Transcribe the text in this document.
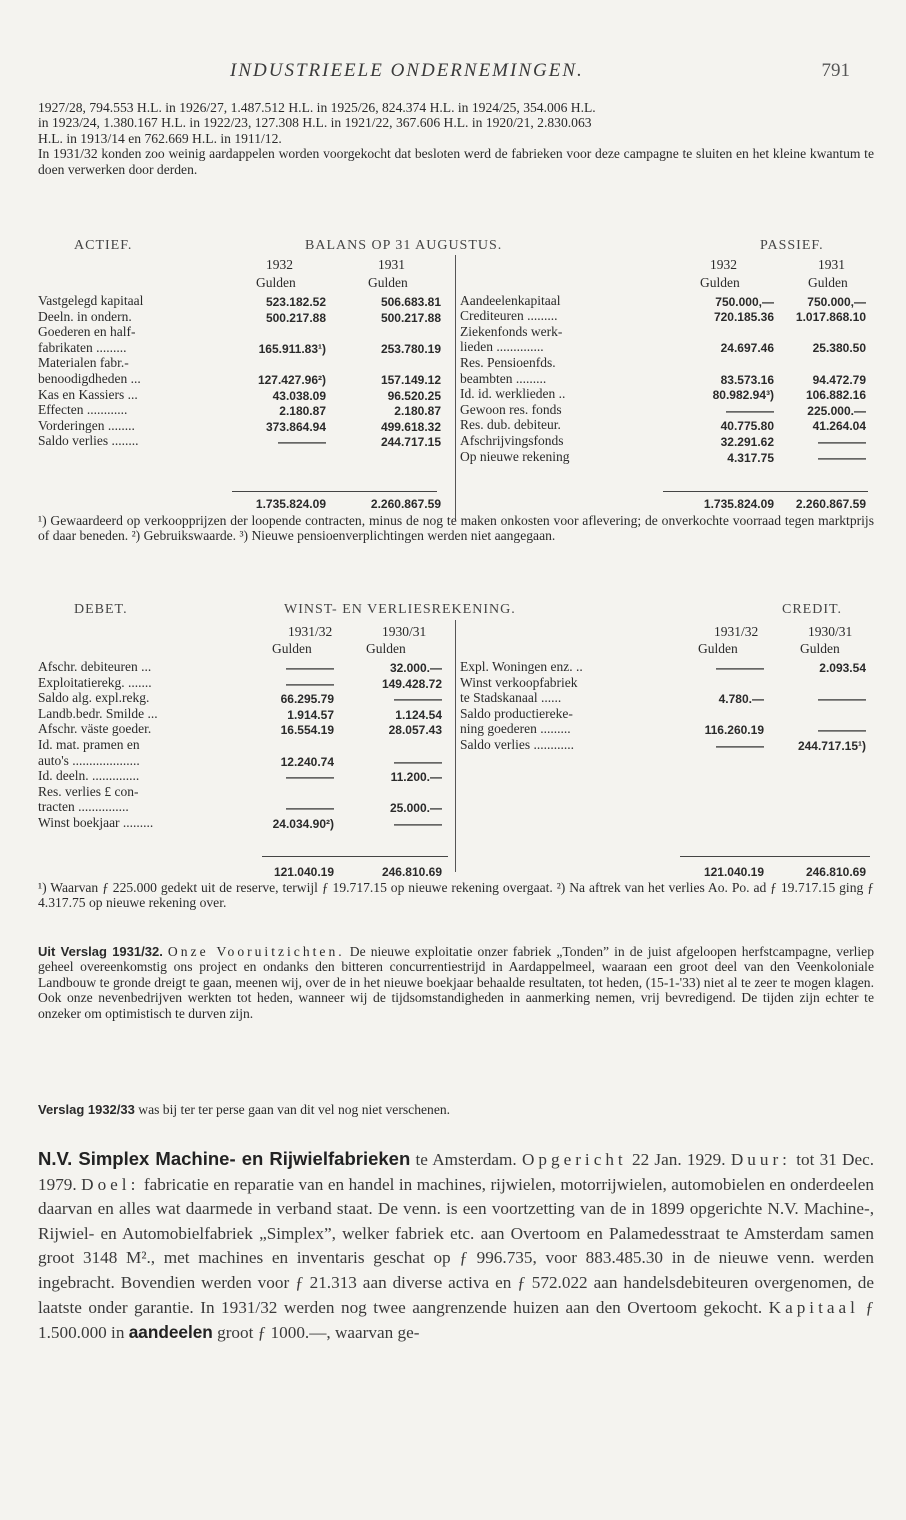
INDUSTRIEELE ONDERNEMINGEN.	791

1927/28, 794.553 H.L. in 1926/27, 1.487.512 H.L. in 1925/26, 824.374 H.L. in 1924/25, 354.006 H.L.

in 1923/24, 1.380.167 H.L. in 1922/23, 127.308 H.L. in 1921/22, 367.606 H.L. in 1920/21, 2.830.063

H.L. in 1913/14 en 762.669 H.L. in 1911/12.

In 1931/32 konden zoo weinig aardappelen worden voorgekocht dat besloten werd de fabrieken voor deze campagne te sluiten en het kleine kwantum te doen verwerken door derden.

ACTIEF.	BALANS OP 31 AUGUSTUS.	PASSIEF.
1932	1931
Gulden	Gulden
1932	1931
Gulden	Gulden
Vastgelegd kapitaal	523.182.52	506.683.81
Deeln. in ondern.	500.217.88	500.217.88
Goederen en half-
fabrikaten .........	165.911.83¹)	253.780.19
Materialen fabr.-
benoodigdheden ...	127.427.96²)	157.149.12
Kas en Kassiers ...	43.038.09	96.520.25
Effecten ............	2.180.87	2.180.87
Vorderingen ........	373.864.94	499.618.32
Saldo verlies ........	————	244.717.15
Aandeelenkapitaal	750.000,—	750.000,—
Crediteuren .........	720.185.36 1.017.868.10
Ziekenfonds werk-
lieden ..............	24.697.46	25.380.50
Res. Pensioenfds.
beambten .........	83.573.16	94.472.79
Id. id. werklieden ..	80.982.94³)	106.882.16
Gewoon res. fonds	————	225.000.—
Res. dub. debiteur.	40.775.80	41.264.04
Afschrijvingsfonds	32.291.62	————
Op nieuwe rekening	4.317.75	————
1.735.824.09	2.260.867.59	1.735.824.09 2.260.867.59
¹) Gewaardeerd op verkoopprijzen der loopende contracten, minus de nog te maken onkosten voor aflevering; de onverkochte voorraad tegen marktprijs of daar beneden. ²) Gebruikswaarde. ³) Nieuwe pensioenverplichtingen werden niet aangegaan.
DEBET.	WINST- EN VERLIESREKENING.	CREDIT.
1931/32	1930/31
Gulden	Gulden
1931/32	1930/31
Gulden	Gulden
Afschr. debiteuren ...	————	32.000.—
Exploitatierekg. .......	————	149.428.72
Saldo alg. expl.rekg.	66.295.79	————
Landb.bedr. Smilde ...	1.914.57	1.124.54
Afschr. väste goeder.	16.554.19	28.057.43
Id. mat. pramen en
auto's ....................	12.240.74	————
Id. deeln. ..............	————	11.200.—
Res. verlies £ con-
tracten ...............	————	25.000.—
Winst boekjaar .........	24.034.90²)	————
Expl. Woningen enz. ..	————	2.093.54
Winst verkoopfabriek
te Stadskanaal ......	4.780.—	————
Saldo productiereke-
ning goederen .........	116.260.19	————
Saldo verlies ............	————	244.717.15¹)
121.040.19	246.810.69	121.040.19	246.810.69
¹) Waarvan ƒ 225.000 gedekt uit de reserve, terwijl ƒ 19.717.15 op nieuwe rekening overgaat. ²) Na aftrek van het verlies Ao. Po. ad ƒ 19.717.15 ging ƒ 4.317.75 op nieuwe rekening over.
Uit Verslag 1931/32. Onze Vooruitzichten. De nieuwe exploitatie onzer fabriek „Tonden” in de juist afgeloopen herfstcampagne, verliep geheel overeenkomstig ons project en ondanks den bitteren concurrentiestrijd in Aardappelmeel, waaraan een groot deel van den Veenkoloniale Landbouw te gronde dreigt te gaan, meenen wij, over de in het nieuwe boekjaar behaalde resultaten, tot heden, (15-1-'33) niet al te zeer te mogen klagen. Ook onze nevenbedrijven werkten tot heden, wanneer wij de tijdsomstandigheden in aanmerking nemen, vrij bevredigend. De tijden zijn echter te onzeker om optimistisch te durven zijn.
Verslag 1932/33 was bij ter ter perse gaan van dit vel nog niet verschenen.

N.V. Simplex Machine- en Rijwielfabrieken te Amsterdam. Opgericht 22 Jan. 1929. Duur: tot 31 Dec. 1979. Doel: fabricatie en reparatie van en handel in machines, rijwielen, motorrijwielen, automobielen en onderdeelen daarvan en alles wat daarmede in verband staat. De venn. is een voortzetting van de in 1899 opgerichte N.V. Machine-, Rijwiel- en Automobielfabriek „Simplex”, welker fabriek etc. aan Overtoom en Palamedesstraat te Amsterdam samen groot 3148 M²., met machines en inventaris geschat op ƒ 996.735, voor 883.485.30 in de nieuwe venn. werden ingebracht. Bovendien werden voor ƒ 21.313 aan diverse activa en ƒ 572.022 aan handelsdebiteuren overgenomen, de laatste onder garantie. In 1931/32 werden nog twee aangrenzende huizen aan den Overtoom gekocht. Kapitaal ƒ 1.500.000 in aandeelen groot ƒ 1000.—, waarvan ge-
